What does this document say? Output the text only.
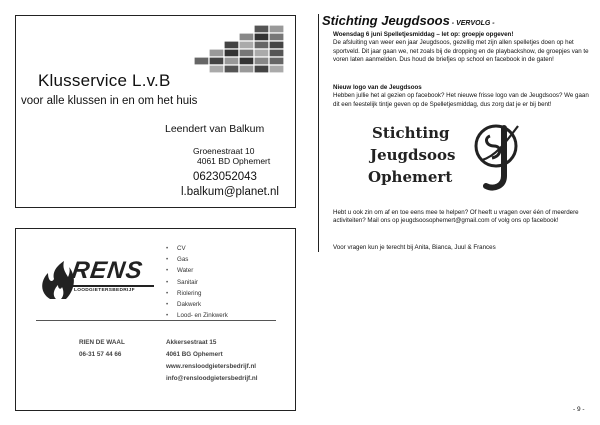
Klusservice L.v.B
voor alle klussen in en om het huis
Leendert van Balkum
Groenestraat 10
4061 BD Ophemert
0623052043
l.balkum@planet.nl
RENS
LOODGIETERSBEDRIJF
• CV
• Gas
• Water
• Sanitair
• Riolering
• Dakwerk
• Lood- en Zinkwerk
RIEN DE WAAL
06-31 57 44 66
Akkersestraat 15
4061 BG Ophemert
www.rensloodgietersbedrijf.nl
info@rensloodgietersbedrijf.nl
Stichting Jeugdsoos - VERVOLG -
Woensdag 6 juni Spelletjesmiddag – let op: groepje opgeven!
De afsluiting van weer een jaar Jeugdsoos, gezellig met zijn allen spelletjes doen op het sportveld. Dit jaar gaan we, net zoals bij de dropping en de playbackshow, de groepjes van te voren laten aanmelden. Dus houd de briefjes op school en facebook in de gaten!
Nieuw logo van de Jeugdsoos
Hebben jullie het al gezien op facebook? Het nieuwe frisse logo van de Jeugdsoos? We gaan dit een feestelijk tintje geven op de Spelletjesmiddag, dus zorg dat je er bij bent!
Stichting
Jeugdsoos
Ophemert
Hebt u ook zin om af en toe eens mee te helpen? Of heeft u vragen over één of meerdere activiteiten? Mail ons op jeugdsoosophemert@gmail.com of volg ons op facebook!
Voor vragen kun je terecht bij Anita, Bianca, Juul & Frances
- 9 -
